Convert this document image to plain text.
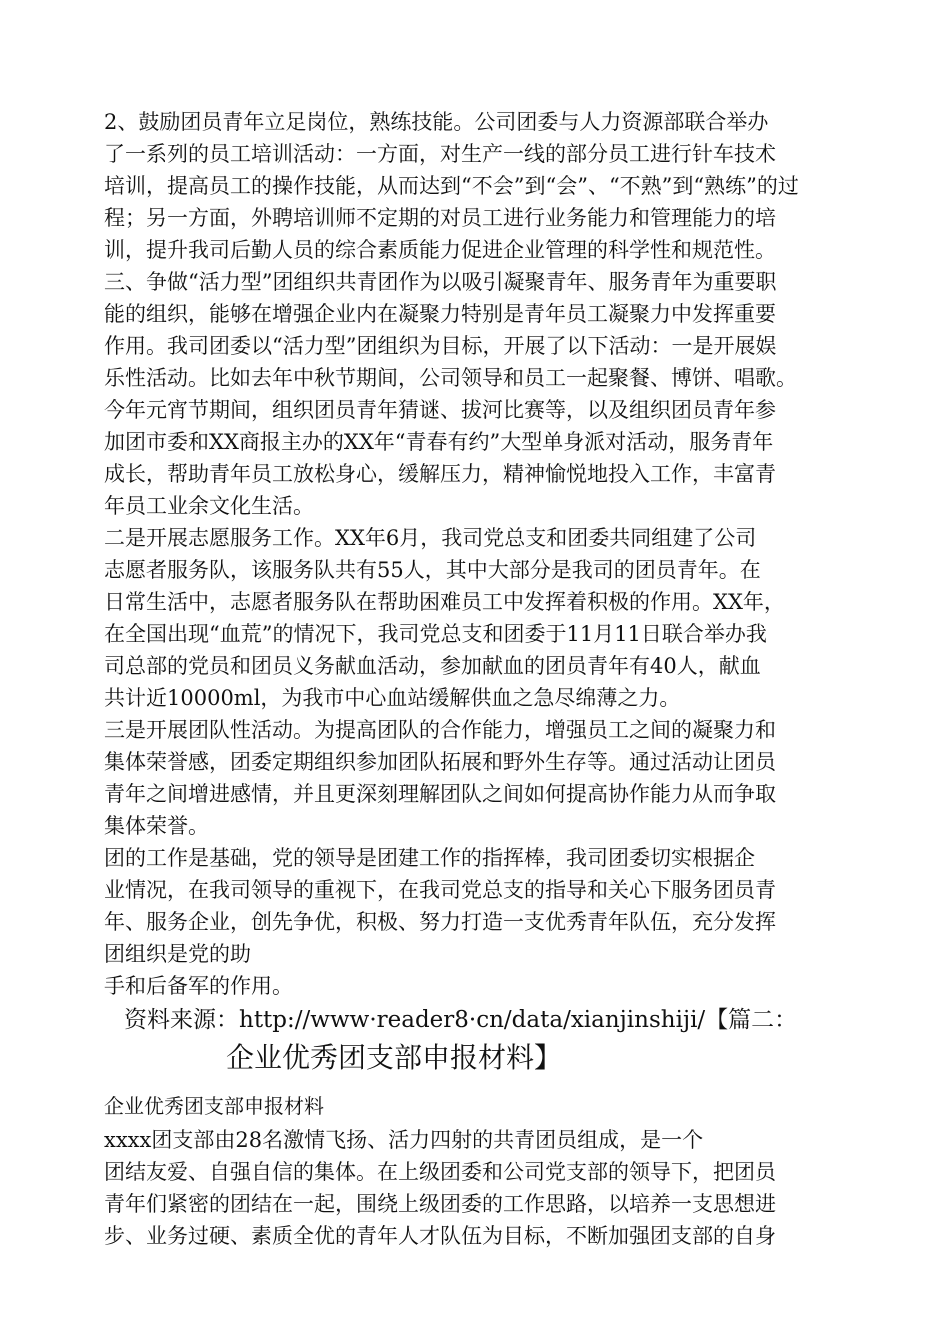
2、鼓励团员青年立足岗位，熟练技能。公司团委与人力资源部联合举办
了一系列的员工培训活动：一方面，对生产一线的部分员工进行针车技术
培训，提高员工的操作技能，从而达到“不会”到“会”、“不熟”到“熟练”的过
程；另一方面，外聘培训师不定期的对员工进行业务能力和管理能力的培
训，提升我司后勤人员的综合素质能力促进企业管理的科学性和规范性。
三、争做“活力型”团组织共青团作为以吸引凝聚青年、服务青年为重要职
能的组织，能够在增强企业内在凝聚力特别是青年员工凝聚力中发挥重要
作用。我司团委以“活力型”团组织为目标，开展了以下活动：一是开展娱
乐性活动。比如去年中秋节期间，公司领导和员工一起聚餐、博饼、唱歌。
今年元宵节期间，组织团员青年猜谜、拔河比赛等，以及组织团员青年参
加团市委和XX商报主办的XX年“青春有约”大型单身派对活动，服务青年
成长，帮助青年员工放松身心，缓解压力，精神愉悦地投入工作，丰富青
年员工业余文化生活。
二是开展志愿服务工作。XX年6月，我司党总支和团委共同组建了公司
志愿者服务队，该服务队共有55人，其中大部分是我司的团员青年。在
日常生活中，志愿者服务队在帮助困难员工中发挥着积极的作用。XX年，
在全国出现“血荒”的情况下，我司党总支和团委于11月11日联合举办我
司总部的党员和团员义务献血活动，参加献血的团员青年有40人，献血
共计近10000ml，为我市中心血站缓解供血之急尽绵薄之力。
三是开展团队性活动。为提高团队的合作能力，增强员工之间的凝聚力和
集体荣誉感，团委定期组织参加团队拓展和野外生存等。通过活动让团员
青年之间增进感情，并且更深刻理解团队之间如何提高协作能力从而争取
集体荣誉。
团的工作是基础，党的领导是团建工作的指挥棒，我司团委切实根据企
业情况，在我司领导的重视下，在我司党总支的指导和关心下服务团员青
年、服务企业，创先争优，积极、努力打造一支优秀青年队伍，充分发挥
团组织是党的助
手和后备军的作用。
资料来源：http://www·reader8·cn/data/xianjinshiji/【篇二：
企业优秀团支部申报材料】
企业优秀团支部申报材料
xxxx团支部由28名激情飞扬、活力四射的共青团员组成，是一个
团结友爱、自强自信的集体。在上级团委和公司党支部的领导下，把团员
青年们紧密的团结在一起，围绕上级团委的工作思路，以培养一支思想进
步、业务过硬、素质全优的青年人才队伍为目标，不断加强团支部的自身
